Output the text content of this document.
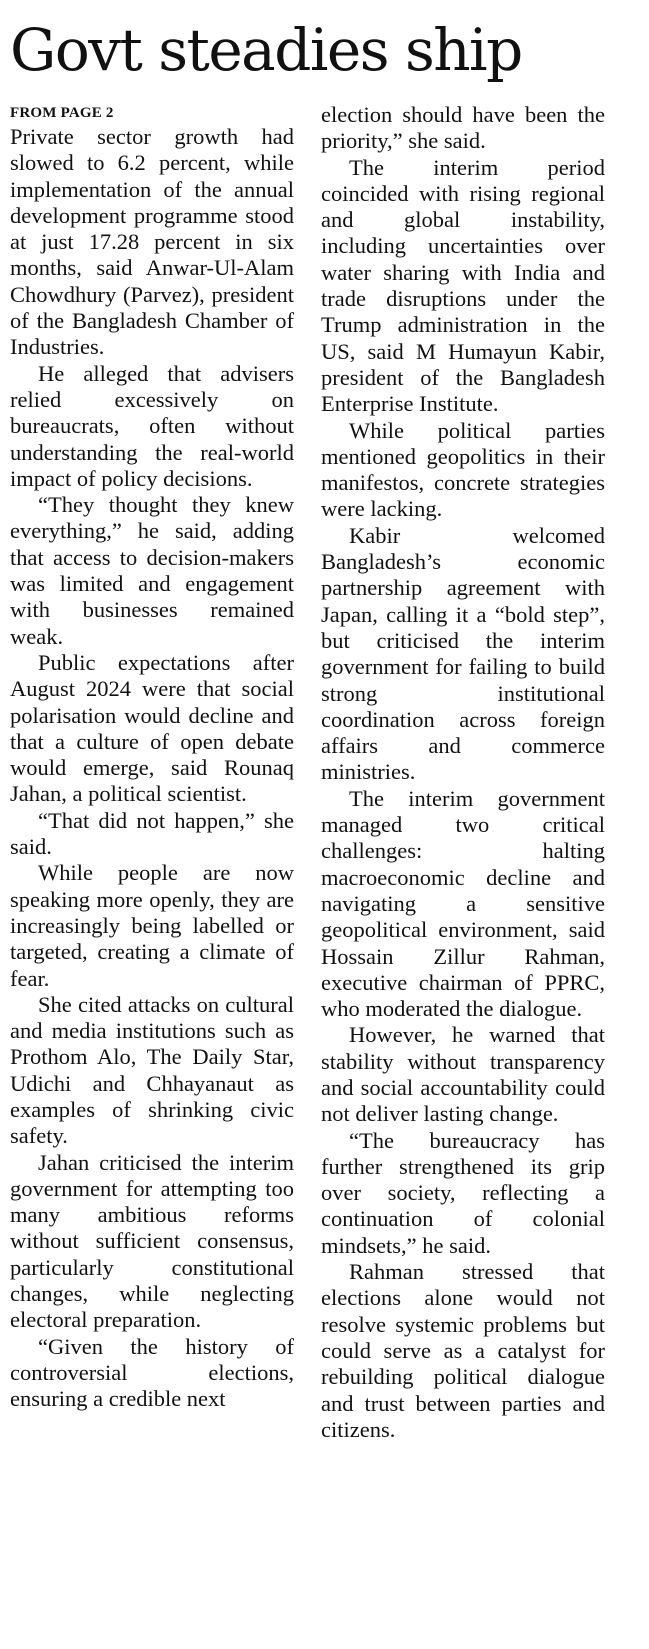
Govt steadies ship
FROM PAGE 2

Private sector growth had slowed to 6.2 percent, while implementation of the annual development programme stood at just 17.28 percent in six months, said Anwar-Ul-Alam Chowdhury (Parvez), president of the Bangladesh Chamber of Industries.

He alleged that advisers relied excessively on bureaucrats, often without understanding the real-world impact of policy decisions.

“They thought they knew everything,” he said, adding that access to decision-makers was limited and engagement with businesses remained weak.

Public expectations after August 2024 were that social polarisation would decline and that a culture of open debate would emerge, said Rounaq Jahan, a political scientist.

“That did not happen,” she said.

While people are now speaking more openly, they are increasingly being labelled or targeted, creating a climate of fear.

She cited attacks on cultural and media institutions such as Prothom Alo, The Daily Star, Udichi and Chhayanaut as examples of shrinking civic safety.

Jahan criticised the interim government for attempting too many ambitious reforms without sufficient consensus, particularly constitutional changes, while neglecting electoral preparation.

“Given the history of controversial elections, ensuring a credible next

election should have been the priority,” she said.

The interim period coincided with rising regional and global instability, including uncertainties over water sharing with India and trade disruptions under the Trump administration in the US, said M Humayun Kabir, president of the Bangladesh Enterprise Institute.

While political parties mentioned geopolitics in their manifestos, concrete strategies were lacking.

Kabir welcomed Bangladesh’s economic partnership agreement with Japan, calling it a “bold step”, but criticised the interim government for failing to build strong institutional coordination across foreign affairs and commerce ministries.

The interim government managed two critical challenges: halting macroeconomic decline and navigating a sensitive geopolitical environment, said Hossain Zillur Rahman, executive chairman of PPRC, who moderated the dialogue.

However, he warned that stability without transparency and social accountability could not deliver lasting change.

“The bureaucracy has further strengthened its grip over society, reflecting a continuation of colonial mindsets,” he said.

Rahman stressed that elections alone would not resolve systemic problems but could serve as a catalyst for rebuilding political dialogue and trust between parties and citizens.
